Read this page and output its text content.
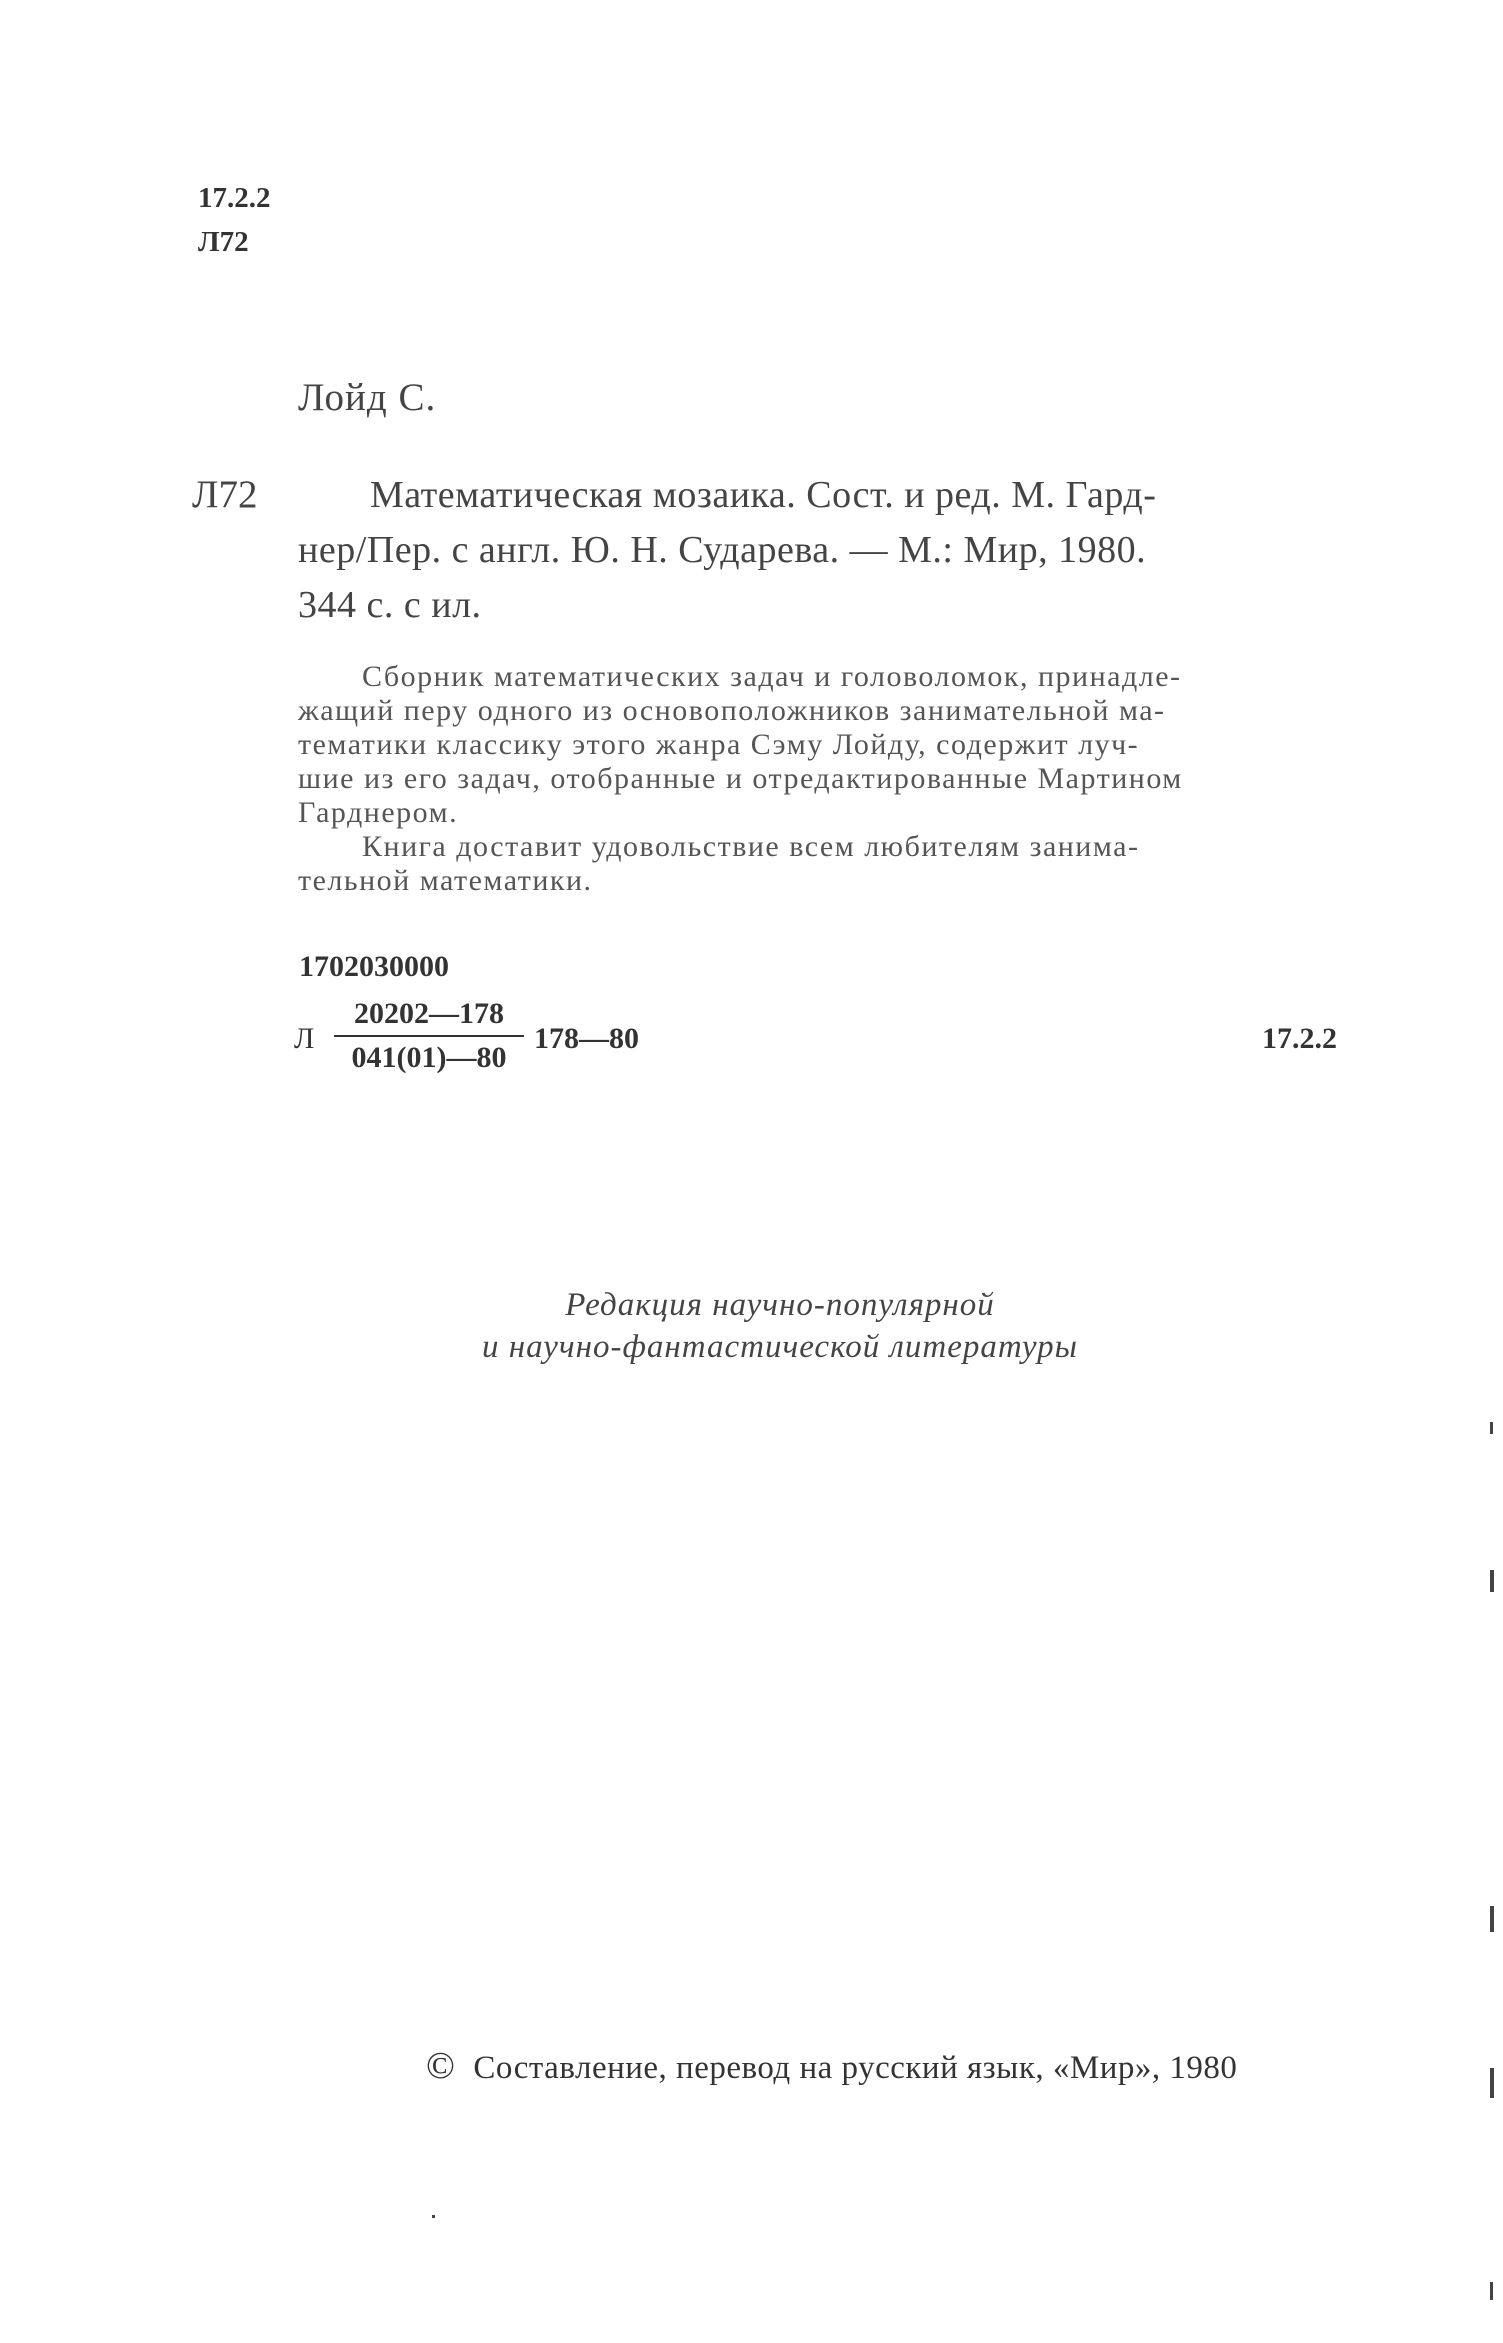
17.2.2
Л72
Лойд С.
Л72	Математическая мозаика. Сост. и ред. М. Гард-

нер/Пер. с англ. Ю. Н. Сударева. — М.: Мир, 1980.

344 с. с ил.

Сборник математических задач и головоломок, принадле-

жащий перу одного из основоположников занимательной ма-

тематики классику этого жанра Сэму Лойду, содержит луч-

шие из его задач, отобранные и отредактированные Мартином

Гарднером.

Книга доставит удовольствие всем любителям занима-

тельной математики.

1702030000
Л
20202—178
041(01)—80
178—80	17.2.2
Редакция научно-популярной
и научно-фантастической литературы
© Составление, перевод на русский язык, «Мир», 1980
